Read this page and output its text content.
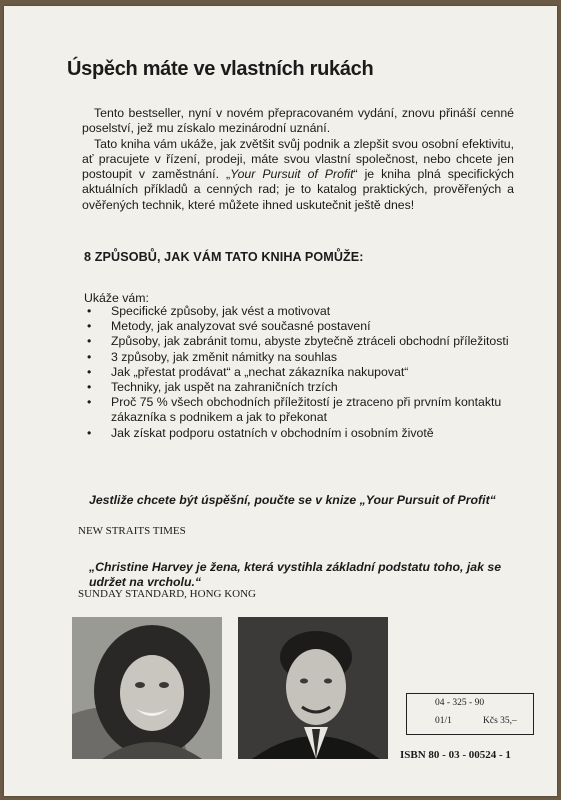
Úspěch máte ve vlastních rukách

Tento bestseller, nyní v novém přepracovaném vydání, znovu přináší cenné poselství, jež mu získalo mezinárodní uznání.

Tato kniha vám ukáže, jak zvětšit svůj podnik a zlepšit svou osobní efektivitu, ať pracujete v řízení, prodeji, máte svou vlastní společnost, nebo chcete jen postoupit v zaměstnání. „Your Pursuit of Profit“ je kniha plná specifických aktuálních příkladů a cenných rad; je to katalog praktických, prověřených a ověřených technik, které můžete ihned uskutečnit ještě dnes!

8 ZPŮSOBŮ, JAK VÁM TATO KNIHA POMŮŽE:
Ukáže vám:
• Specifické způsoby, jak vést a motivovat
• Metody, jak analyzovat své současné postavení
• Způsoby, jak zabránit tomu, abyste zbytečně ztráceli obchodní příležitosti
• 3 způsoby, jak změnit námitky na souhlas
• Jak „přestat prodávat“ a „nechat zákazníka nakupovat“
• Techniky, jak uspět na zahraničních trzích
• Proč 75 % všech obchodních příležitostí je ztraceno při prvním kontaktu zákazníka s podnikem a jak to překonat
• Jak získat podporu ostatních v obchodním i osobním životě
Jestliže chcete být úspěšní, poučte se v knize „Your Pursuit of Profit“
NEW STRAITS TIMES
„Christine Harvey je žena, která vystihla základní podstatu toho, jak se udržet na vrcholu.“
SUNDAY STANDARD, HONG KONG
04 - 325 - 90
01/1	Kčs 35,–
ISBN 80 - 03 - 00524 - 1
